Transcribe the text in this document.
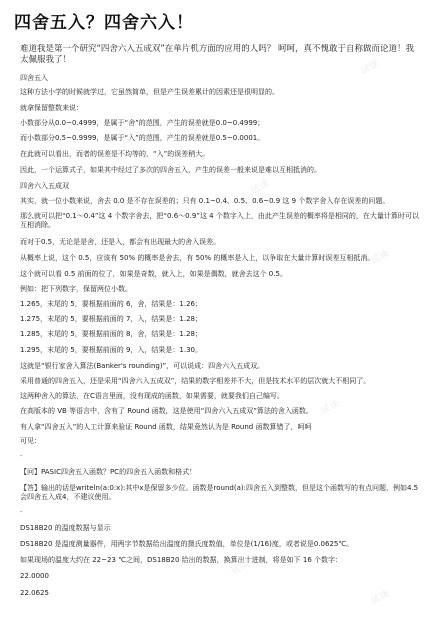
四舍五入？四舍六入！
难道我是第一个研究“四舍六入五成双”在单片机方面的应用的人吗？ 呵呵，真不愧敢于自称做而论道！我太佩服我了！
四舍五入
这种方法小学的时候就学过，它虽然简单，但是产生误差累计的因素还是很明显的。
就拿保留整数来说：
小数部分从0.0~0.4999，是属于“舍”的范围，产生的误差就是0.0~0.4999；
而小数部分0.5~0.9999，是属于“入”的范围，产生的误差就是0.5~0.0001。
在此就可以看出，而者的误差是不均等的，“入”的误差稍大。
因此，一个运算式子，如果其中经过了多次的四舍五入，产生的误差一般来说是难以互相抵消的。
四舍六入五成双
其实，就一位小数来说，舍去 0.0 是不存在误差的；只有 0.1~0.4、0.5、0.6~0.9 这 9 个数字舍入存在误差的问题。
那么就可以把“0.1～0.4”这 4 个数字舍去，把“0.6～0.9”这 4 个数字入上，由此产生误差的概率将是相同的，在大量计算时可以互相消除。
而对于0.5，无论是是舍，还是入，都会有出现最大的舍入误差。
从概率上说，这个 0.5，应该有 50% 的概率是舍去，有 50% 的概率是入上，以争取在大量计算时误差互相抵消。
这个就可以看 0.5 前面的位了，如果是奇数，就入上，如果是偶数，就舍去这个 0.5。
例如：把下列数字，保留两位小数。
1.265，末尾的 5，要根据前面的 6，舍，结果是：1.26；
1.275，末尾的 5，要根据前面的 7，入，结果是：1.28；
1.285，末尾的 5，要根据前面的 8，舍，结果是：1.28；
1.295，末尾的 5，要根据前面的 9，入，结果是：1.30。
这就是“银行家舍入算法(Banker's rounding)”，可以说成：四舍六入五成双。
采用普通的四舍五入，还是采用“四舍六入五成双”，结果的数字相差并不大，但是技术水平的层次就大不相同了。
这两种舍入的算法，在C语言里面，没有现成的函数，如果需要，就要我们自己编写。
在高版本的 VB 等语言中，含有了 Round 函数，这是使用“四舍六入五成双”算法的舍入函数。
有人拿“四舍五入”的人工计算来验证 Round 函数，结果竟然认为是 Round 函数算错了，呵呵
可见：
-
【问】PASIC四舍五入函数？PC的四舍五入函数和格式！
【答】输出的话是writeln(a:0:x):其中x是保留多少位。函数是round(a):四舍五入到整数，但是这个函数写的有点问题，例如4.5会四舍五入成4，不建议使用。
-
DS18B20 的温度数据与显示
DS18B20 是温度测量器件，用两字节数据给出温度的摄氏度数值，单位是(1/16)度，或者说是0.0625℃。
如果现场的温度大约在 22~23 ℃之间，DS18B20 给出的数据，换算出十进制，将是如下 16 个数字：
22.0000
22.0625
试读
试读
试读
试读
试读
试读
